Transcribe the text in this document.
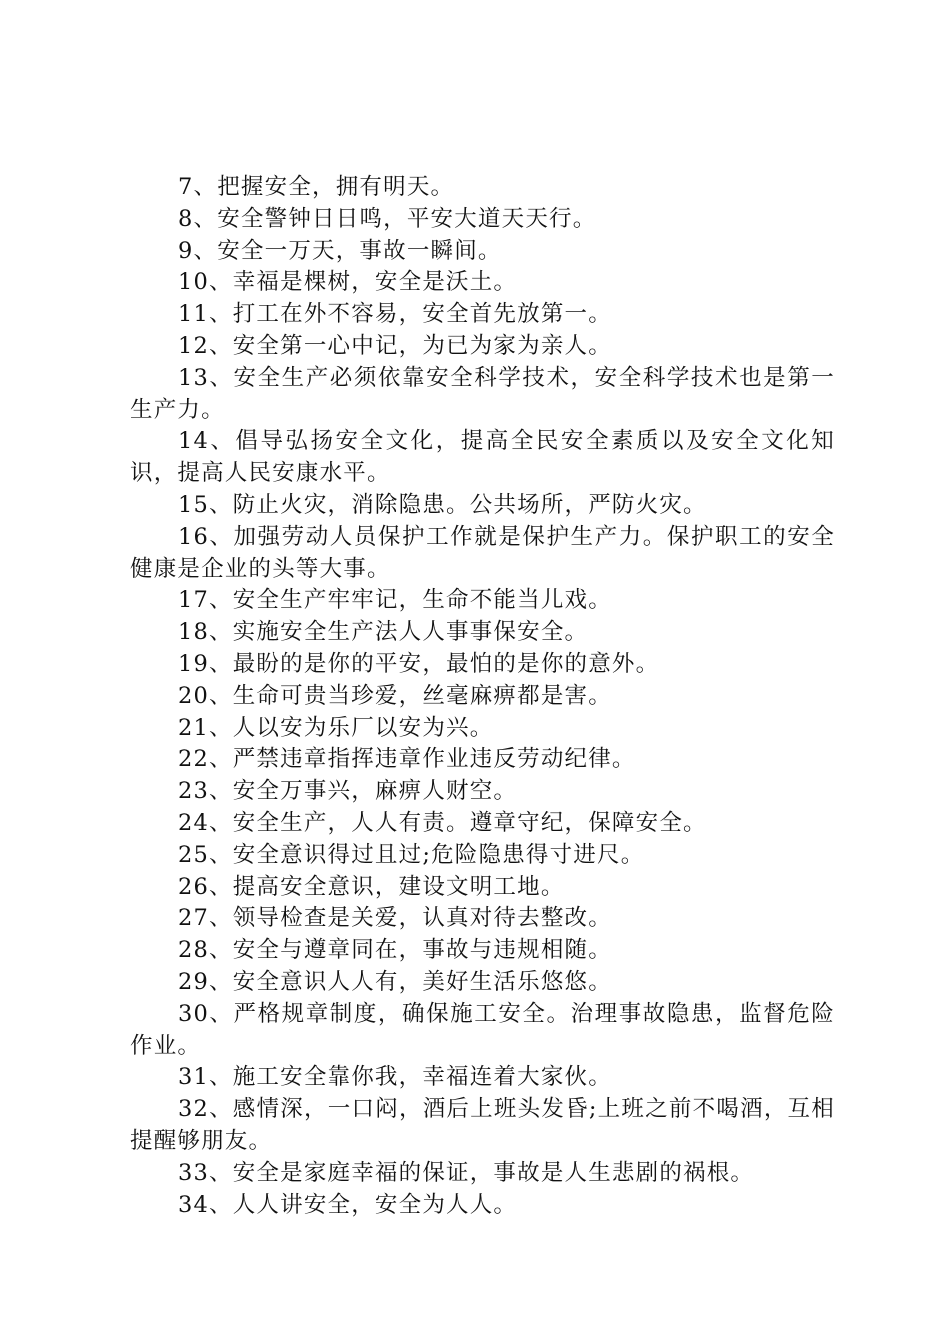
7、把握安全，拥有明天。

8、安全警钟日日鸣，平安大道天天行。

9、安全一万天，事故一瞬间。

10、幸福是棵树，安全是沃土。

11、打工在外不容易，安全首先放第一。

12、安全第一心中记，为已为家为亲人。

13、安全生产必须依靠安全科学技术，安全科学技术也是第一生产力。

14、倡导弘扬安全文化，提高全民安全素质以及安全文化知识，提高人民安康水平。

15、防止火灾，消除隐患。公共场所，严防火灾。

16、加强劳动人员保护工作就是保护生产力。保护职工的安全健康是企业的头等大事。

17、安全生产牢牢记，生命不能当儿戏。

18、实施安全生产法人人事事保安全。

19、最盼的是你的平安，最怕的是你的意外。

20、生命可贵当珍爱，丝毫麻痹都是害。

21、人以安为乐厂以安为兴。

22、严禁违章指挥违章作业违反劳动纪律。

23、安全万事兴，麻痹人财空。

24、安全生产，人人有责。遵章守纪，保障安全。

25、安全意识得过且过;危险隐患得寸进尺。

26、提高安全意识，建设文明工地。

27、领导检查是关爱，认真对待去整改。

28、安全与遵章同在，事故与违规相随。

29、安全意识人人有，美好生活乐悠悠。

30、严格规章制度，确保施工安全。治理事故隐患，监督危险作业。

31、施工安全靠你我，幸福连着大家伙。

32、感情深，一口闷，酒后上班头发昏;上班之前不喝酒，互相提醒够朋友。

33、安全是家庭幸福的保证，事故是人生悲剧的祸根。

34、人人讲安全，安全为人人。
